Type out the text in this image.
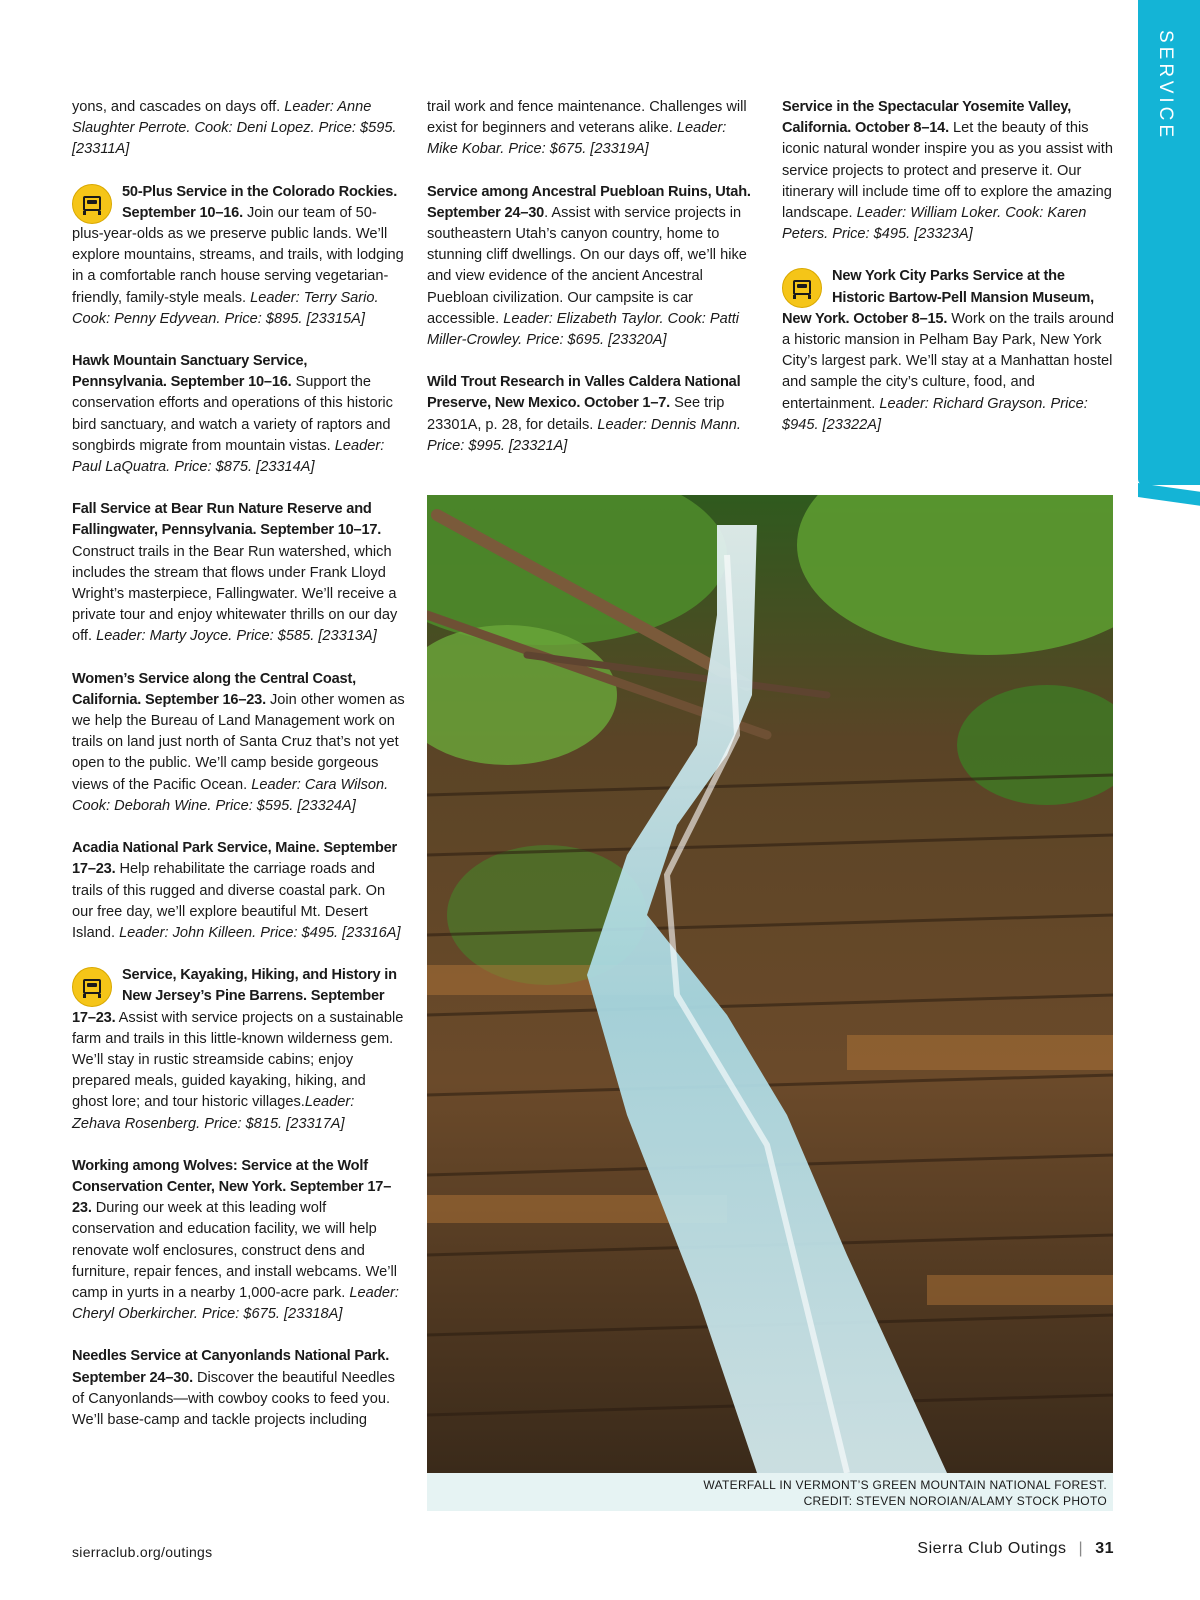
SERVICE
yons, and cascades on days off. Leader: Anne Slaughter Perrote. Cook: Deni Lopez. Price: $595. [23311A]
50-Plus Service in the Colorado Rockies. September 10–16. Join our team of 50-plus-year-olds as we preserve public lands. We’ll explore mountains, streams, and trails, with lodging in a comfortable ranch house serving vegetarian-friendly, family-style meals. Leader: Terry Sario. Cook: Penny Edyvean. Price: $895. [23315A]
Hawk Mountain Sanctuary Service, Pennsylvania. September 10–16. Support the conservation efforts and operations of this historic bird sanctuary, and watch a variety of raptors and songbirds migrate from mountain vistas. Leader: Paul LaQuatra. Price: $875. [23314A]
Fall Service at Bear Run Nature Reserve and Fallingwater, Pennsylvania. September 10–17. Construct trails in the Bear Run watershed, which includes the stream that flows under Frank Lloyd Wright’s masterpiece, Fallingwater. We’ll receive a private tour and enjoy whitewater thrills on our day off. Leader: Marty Joyce. Price: $585. [23313A]
Women’s Service along the Central Coast, California. September 16–23. Join other women as we help the Bureau of Land Management work on trails on land just north of Santa Cruz that’s not yet open to the public. We’ll camp beside gorgeous views of the Pacific Ocean. Leader: Cara Wilson. Cook: Deborah Wine. Price: $595. [23324A]
Acadia National Park Service, Maine. September 17–23. Help rehabilitate the carriage roads and trails of this rugged and diverse coastal park. On our free day, we’ll explore beautiful Mt. Desert Island. Leader: John Killeen. Price: $495. [23316A]
Service, Kayaking, Hiking, and History in New Jersey’s Pine Barrens. September 17–23. Assist with service projects on a sustainable farm and trails in this little-known wilderness gem. We’ll stay in rustic streamside cabins; enjoy prepared meals, guided kayaking, hiking, and ghost lore; and tour historic villages.Leader: Zehava Rosenberg. Price: $815. [23317A]
Working among Wolves: Service at the Wolf Conservation Center, New York. September 17–23. During our week at this leading wolf conservation and education facility, we will help renovate wolf enclosures, construct dens and furniture, repair fences, and install webcams. We’ll camp in yurts in a nearby 1,000-acre park. Leader: Cheryl Oberkircher. Price: $675. [23318A]
Needles Service at Canyonlands National Park. September 24–30. Discover the beautiful Needles of Canyonlands—with cowboy cooks to feed you. We’ll base-camp and tackle projects including
trail work and fence maintenance. Challenges will exist for beginners and veterans alike. Leader: Mike Kobar. Price: $675. [23319A]
Service among Ancestral Puebloan Ruins, Utah. September 24–30. Assist with service projects in southeastern Utah’s canyon country, home to stunning cliff dwellings. On our days off, we’ll hike and view evidence of the ancient Ancestral Puebloan civilization. Our campsite is car accessible. Leader: Elizabeth Taylor. Cook: Patti Miller-Crowley. Price: $695. [23320A]
Wild Trout Research in Valles Caldera National Preserve, New Mexico. October 1–7. See trip 23301A, p. 28, for details. Leader: Dennis Mann. Price: $995. [23321A]
Service in the Spectacular Yosemite Valley, California. October 8–14. Let the beauty of this iconic natural wonder inspire you as you assist with service projects to protect and preserve it. Our itinerary will include time off to explore the amazing landscape. Leader: William Loker. Cook: Karen Peters. Price: $495. [23323A]
New York City Parks Service at the Historic Bartow-Pell Mansion Museum, New York. October 8–15. Work on the trails around a historic mansion in Pelham Bay Park, New York City’s largest park. We’ll stay at a Manhattan hostel and sample the city’s culture, food, and entertainment. Leader: Richard Grayson. Price: $945. [23322A]
WATERFALL IN VERMONT’S GREEN MOUNTAIN NATIONAL FOREST.
CREDIT: STEVEN NOROIAN/ALAMY STOCK PHOTO
sierraclub.org/outings	Sierra Club Outings | 31
